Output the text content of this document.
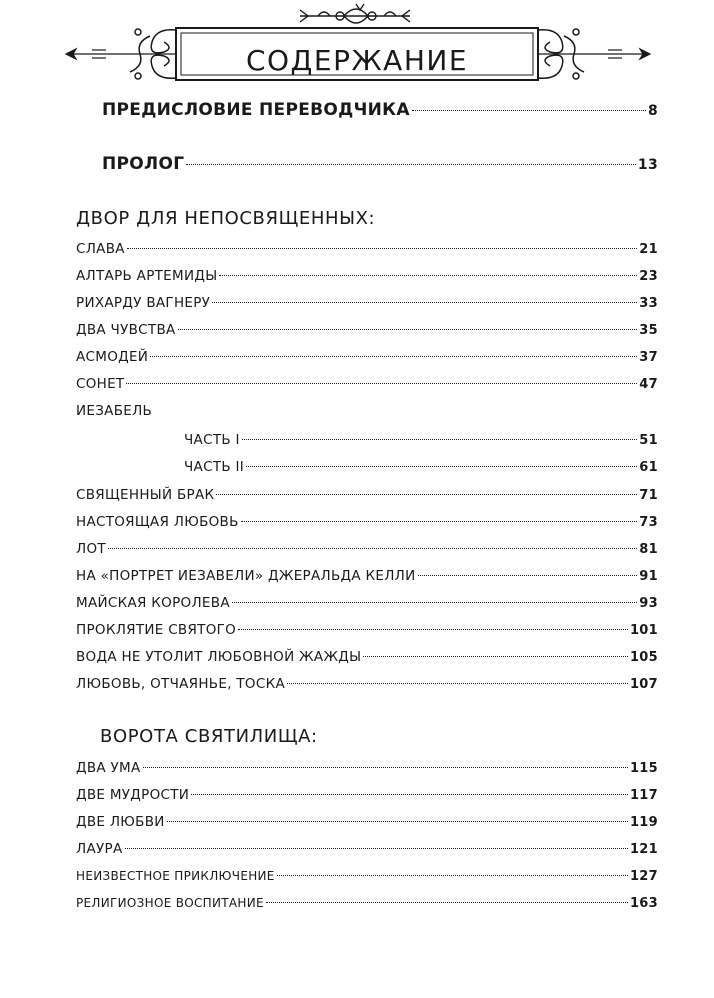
СОДЕРЖАНИЕ
ПРЕДИСЛОВИЕ ПЕРЕВОДЧИКА	8
ПРОЛОГ	13
ДВОР ДЛЯ НЕПОСВЯЩЕННЫХ:
СЛАВА	21
АЛТАРЬ АРТЕМИДЫ	23
РИХАРДУ ВАГНЕРУ	33
ДВА ЧУВСТВА	35
АСМОДЕЙ	37
СОНЕТ	47
ИЕЗАБЕЛЬ
ЧАСТЬ I	51
ЧАСТЬ II	61
СВЯЩЕННЫЙ БРАК	71
НАСТОЯЩАЯ ЛЮБОВЬ	73
ЛОТ	81
НА «ПОРТРЕТ ИЕЗАВЕЛИ» ДЖЕРАЛЬДА КЕЛЛИ	91
МАЙСКАЯ КОРОЛЕВА	93
ПРОКЛЯТИЕ СВЯТОГО	101
ВОДА НЕ УТОЛИТ ЛЮБОВНОЙ ЖАЖДЫ	105
ЛЮБОВЬ, ОТЧАЯНЬЕ, ТОСКА	107
ВОРОТА СВЯТИЛИЩА:
ДВА УМА	115
ДВЕ МУДРОСТИ	117
ДВЕ ЛЮБВИ	119
ЛАУРА	121
НЕИЗВЕСТНОЕ ПРИКЛЮЧЕНИЕ	127
РЕЛИГИОЗНОЕ ВОСПИТАНИЕ	163
